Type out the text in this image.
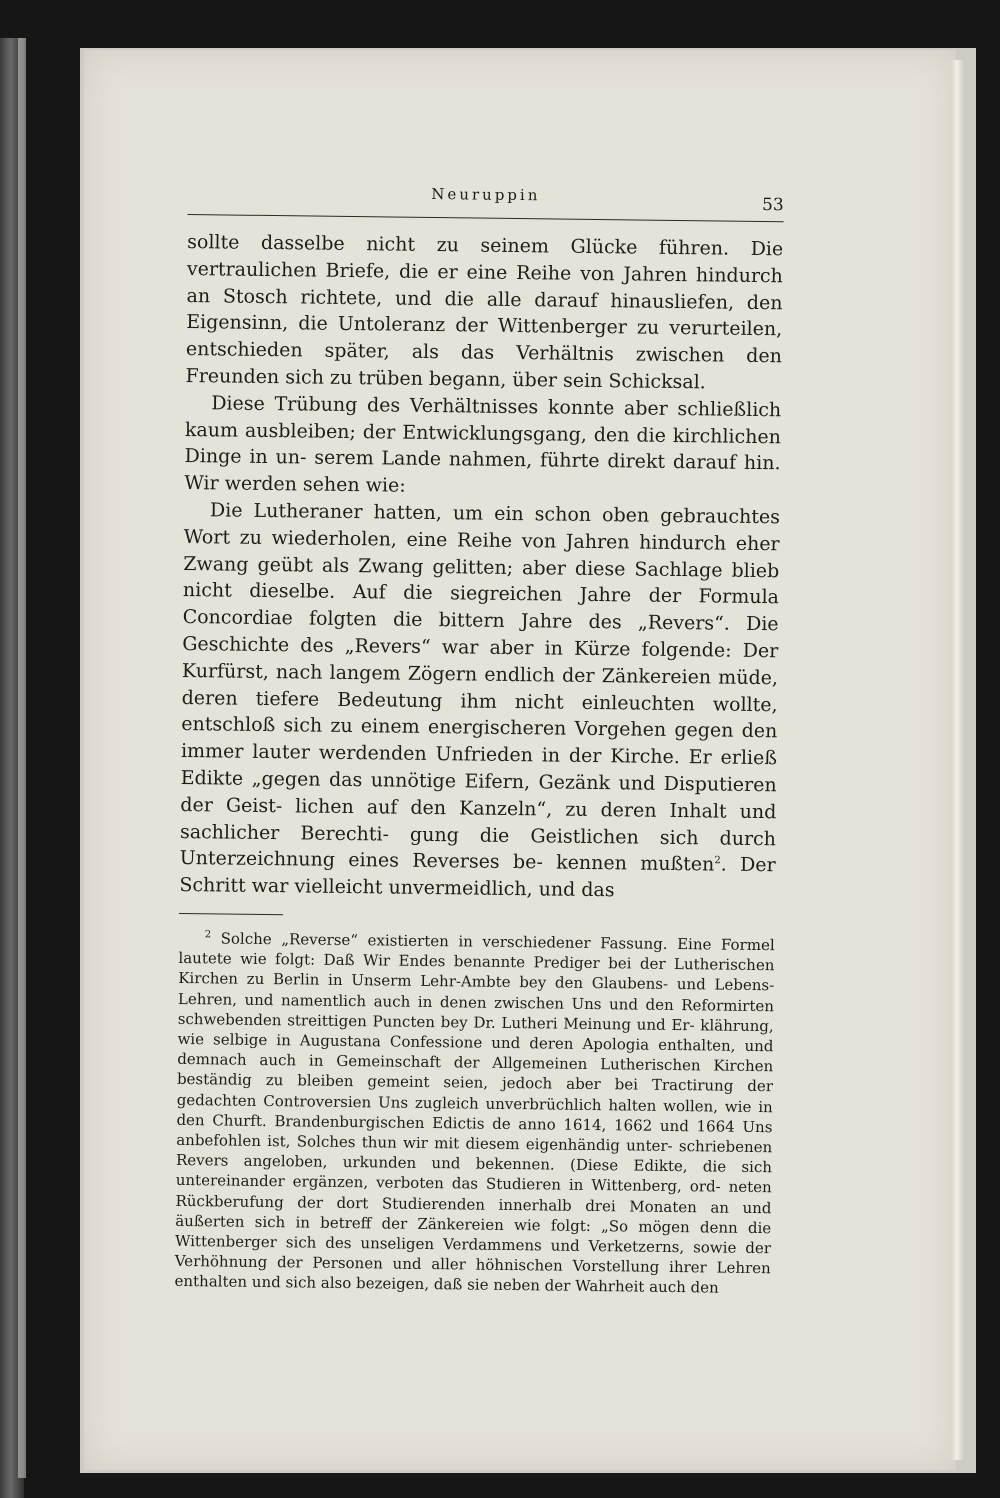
Neuruppin
53

sollte dasselbe nicht zu seinem Glücke führen. Die vertraulichen Briefe, die er eine Reihe von Jahren hindurch an Stosch richtete, und die alle darauf hinausliefen, den Eigensinn, die Untoleranz der Wittenberger zu verurteilen, entschieden später, als das Verhältnis zwischen den Freunden sich zu trüben begann, über sein Schicksal.

Diese Trübung des Verhältnisses konnte aber schließlich kaum ausbleiben; der Entwicklungsgang, den die kirchlichen Dinge in un- serem Lande nahmen, führte direkt darauf hin. Wir werden sehen wie:

Die Lutheraner hatten, um ein schon oben gebrauchtes Wort zu wiederholen, eine Reihe von Jahren hindurch eher Zwang geübt als Zwang gelitten; aber diese Sachlage blieb nicht dieselbe. Auf die siegreichen Jahre der Formula Concordiae folgten die bittern Jahre des „Revers“. Die Geschichte des „Revers“ war aber in Kürze folgende: Der Kurfürst, nach langem Zögern endlich der Zänkereien müde, deren tiefere Bedeutung ihm nicht einleuchten wollte, entschloß sich zu einem energischeren Vorgehen gegen den immer lauter werdenden Unfrieden in der Kirche. Er erließ Edikte „gegen das unnötige Eifern, Gezänk und Disputieren der Geist- lichen auf den Kanzeln“, zu deren Inhalt und sachlicher Berechti- gung die Geistlichen sich durch Unterzeichnung eines Reverses be- kennen mußten$^2$. Der Schritt war vielleicht unvermeidlich, und das

$^2$ Solche „Reverse“ existierten in verschiedener Fassung. Eine Formel lautete wie folgt: Daß Wir Endes benannte Prediger bei der Lutherischen Kirchen zu Berlin in Unserm Lehr-Ambte bey den Glaubens- und Lebens- Lehren, und namentlich auch in denen zwischen Uns und den Reformirten schwebenden streittigen Puncten bey Dr. Lutheri Meinung und Er- klährung, wie selbige in Augustana Confessione und deren Apologia enthalten, und demnach auch in Gemeinschaft der Allgemeinen Lutherischen Kirchen beständig zu bleiben gemeint seien, jedoch aber bei Tractirung der gedachten Controversien Uns zugleich unverbrüchlich halten wollen, wie in den Churft. Brandenburgischen Edictis de anno 1614, 1662 und 1664 Uns anbefohlen ist, Solches thun wir mit diesem eigenhändig unter- schriebenen Revers angeloben, urkunden und bekennen. (Diese Edikte, die sich untereinander ergänzen, verboten das Studieren in Wittenberg, ord- neten Rückberufung der dort Studierenden innerhalb drei Monaten an und äußerten sich in betreff der Zänkereien wie folgt: „So mögen denn die Wittenberger sich des unseligen Verdammens und Verketzerns, sowie der Verhöhnung der Personen und aller höhnischen Vorstellung ihrer Lehren enthalten und sich also bezeigen, daß sie neben der Wahrheit auch den
